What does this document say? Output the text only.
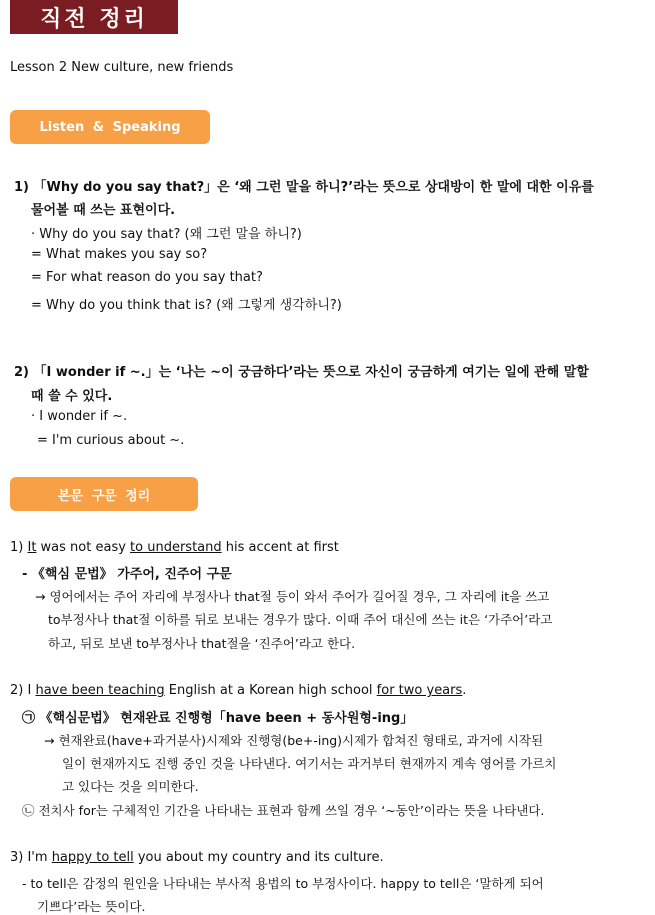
직전 정리
Lesson 2 New culture, new friends
Listen & Speaking
1) 「Why do you say that?」은 ‘왜 그런 말을 하니?’라는 뜻으로 상대방이 한 말에 대한 이유를
물어볼 때 쓰는 표현이다.
· Why do you say that? (왜 그런 말을 하니?)
= What makes you say so?
= For what reason do you say that?
= Why do you think that is? (왜 그렇게 생각하니?)
2) 「I wonder if ~.」는 ‘나는 ~이 궁금하다’라는 뜻으로 자신이 궁금하게 여기는 일에 관해 말할
때 쓸 수 있다.
· I wonder if ~.
= I'm curious about ~.
본문 구문 정리
1) It was not easy to understand his accent at first
- 《핵심 문법》 가주어, 진주어 구문
→ 영어에서는 주어 자리에 부정사나 that절 등이 와서 주어가 길어질 경우, 그 자리에 it을 쓰고
to부정사나 that절 이하를 뒤로 보내는 경우가 많다. 이때 주어 대신에 쓰는 it은 ‘가주어’라고
하고, 뒤로 보낸 to부정사나 that절을 ‘진주어’라고 한다.
2) I have been teaching English at a Korean high school for two years.
㉠ 《핵심문법》 현재완료 진행형「have been + 동사원형-ing」
→ 현재완료(have+과거분사)시제와 진행형(be+-ing)시제가 합쳐진 형태로, 과거에 시작된
일이 현재까지도 진행 중인 것을 나타낸다. 여기서는 과거부터 현재까지 계속 영어를 가르치
고 있다는 것을 의미한다.
㉡ 전치사 for는 구체적인 기간을 나타내는 표현과 함께 쓰일 경우 ‘~동안’이라는 뜻을 나타낸다.
3) I'm happy to tell you about my country and its culture.
- to tell은 감정의 원인을 나타내는 부사적 용법의 to 부정사이다. happy to tell은 ‘말하게 되어
기쁘다’라는 뜻이다.
